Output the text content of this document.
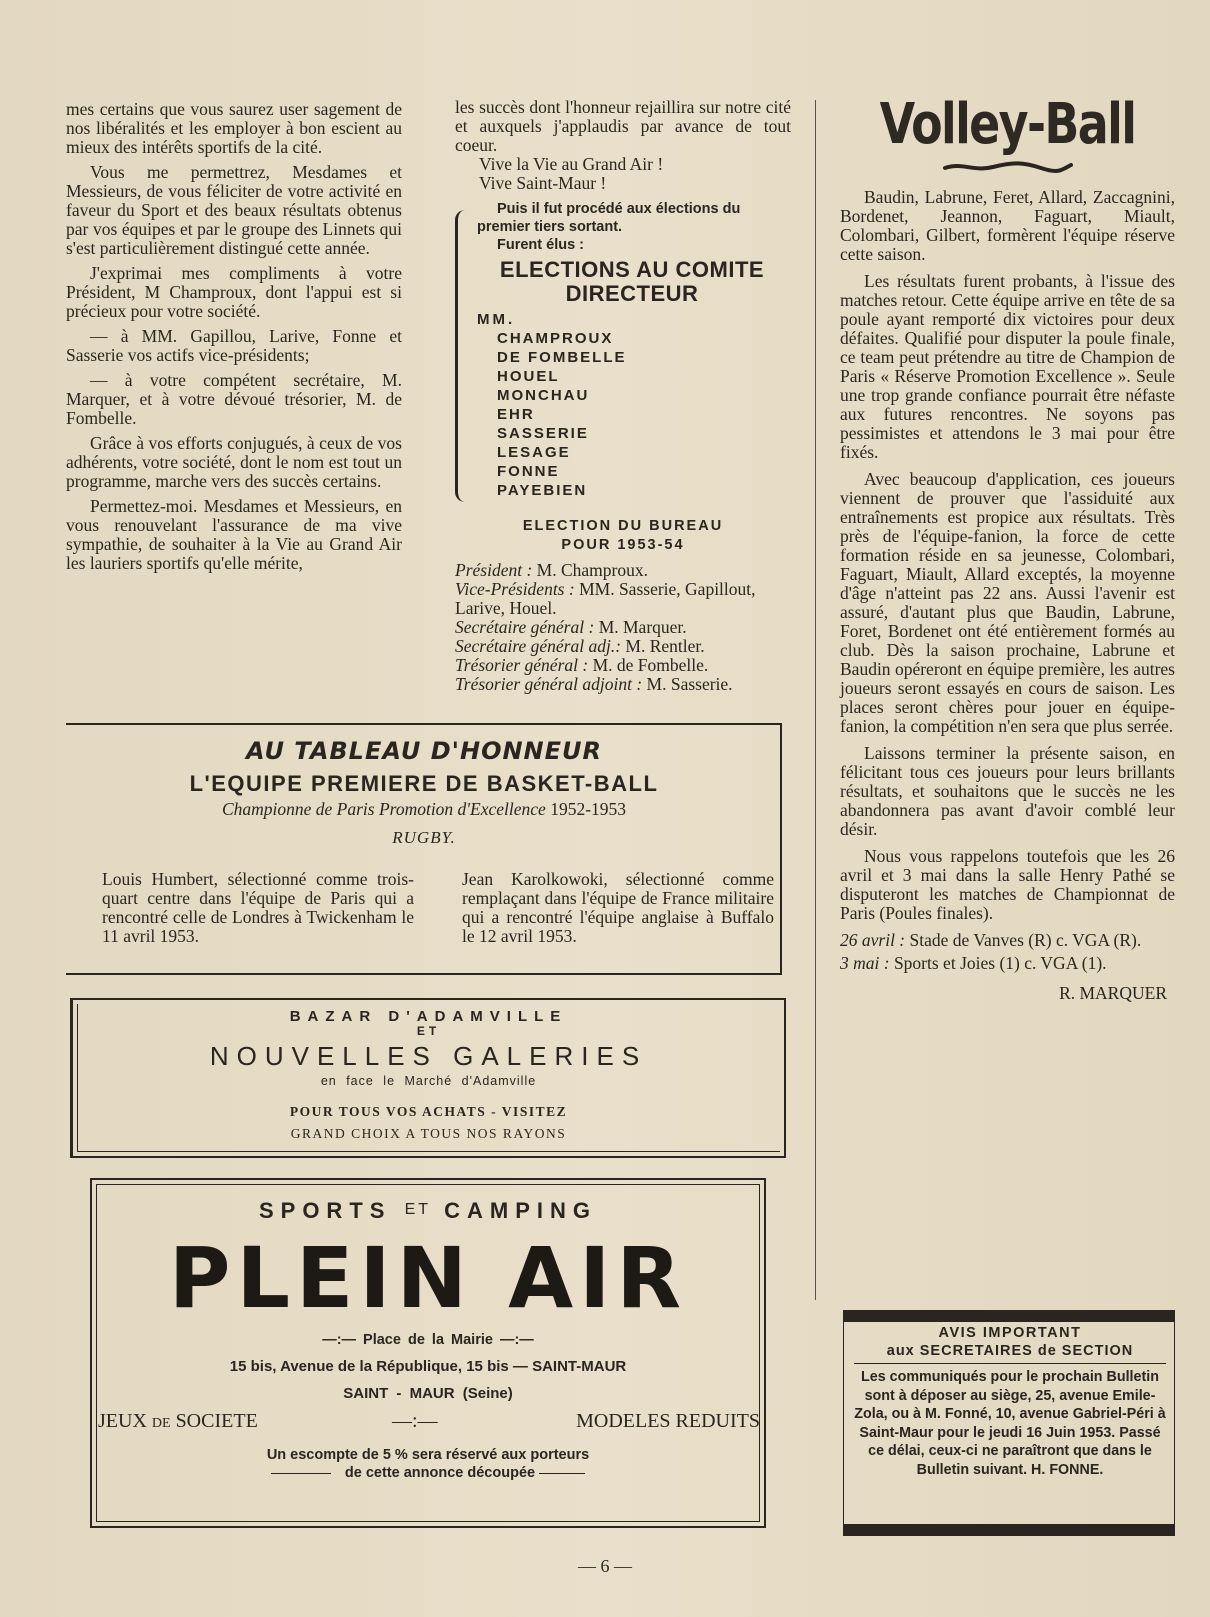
mes certains que vous saurez user sagement de nos libéralités et les employer à bon escient au mieux des intérêts sportifs de la cité.

Vous me permettrez, Mesdames et Messieurs, de vous féliciter de votre activité en faveur du Sport et des beaux résultats obtenus par vos équipes et par le groupe des Linnets qui s'est particulièrement distingué cette année.

J'exprimai mes compliments à votre Président, M Champroux, dont l'appui est si précieux pour votre société.

— à MM. Gapillou, Larive, Fonne et Sasserie vos actifs vice-présidents;

— à votre compétent secrétaire, M. Marquer, et à votre dévoué trésorier, M. de Fombelle.

Grâce à vos efforts conjugués, à ceux de vos adhérents, votre société, dont le nom est tout un programme, marche vers des succès certains.

Permettez-moi. Mesdames et Messieurs, en vous renouvelant l'assurance de ma vive sympathie, de souhaiter à la Vie au Grand Air les lauriers sportifs qu'elle mérite,

les succès dont l'honneur rejaillira sur notre cité et auxquels j'applaudis par avance de tout coeur.

Vive la Vie au Grand Air !

Vive Saint-Maur !

Puis il fut procédé aux élections du premier tiers sortant.
Furent élus :
ELECTIONS AU COMITE DIRECTEUR
MM.
CHAMPROUX
DE FOMBELLE
HOUEL
MONCHAU
EHR
SASSERIE
LESAGE
FONNE
PAYEBIEN
ELECTION DU BUREAU
POUR 1953-54
Président : M. Champroux.
Vice-Présidents : MM. Sasserie, Gapillout, Larive, Houel.
Secrétaire général : M. Marquer.
Secrétaire général adj.: M. Rentler.
Trésorier général : M. de Fombelle.
Trésorier général adjoint : M. Sasserie.
Volley-Ball

Baudin, Labrune, Feret, Allard, Zaccagnini, Bordenet, Jeannon, Faguart, Miault, Colombari, Gilbert, formèrent l'équipe réserve cette saison.

Les résultats furent probants, à l'issue des matches retour. Cette équipe arrive en tête de sa poule ayant remporté dix victoires pour deux défaites. Qualifié pour disputer la poule finale, ce team peut prétendre au titre de Champion de Paris « Réserve Promotion Excellence ». Seule une trop grande confiance pourrait être néfaste aux futures rencontres. Ne soyons pas pessimistes et attendons le 3 mai pour être fixés.

Avec beaucoup d'application, ces joueurs viennent de prouver que l'assiduité aux entraînements est propice aux résultats. Très près de l'équipe-fanion, la force de cette formation réside en sa jeunesse, Colombari, Faguart, Miault, Allard exceptés, la moyenne d'âge n'atteint pas 22 ans. Aussi l'avenir est assuré, d'autant plus que Baudin, Labrune, Foret, Bordenet ont été entièrement formés au club. Dès la saison prochaine, Labrune et Baudin opéreront en équipe première, les autres joueurs seront essayés en cours de saison. Les places seront chères pour jouer en équipe-fanion, la compétition n'en sera que plus serrée.

Laissons terminer la présente saison, en félicitant tous ces joueurs pour leurs brillants résultats, et souhaitons que le succès ne les abandonnera pas avant d'avoir comblé leur désir.

Nous vous rappelons toutefois que les 26 avril et 3 mai dans la salle Henry Pathé se disputeront les matches de Championnat de Paris (Poules finales).

26 avril : Stade de Vanves (R) c. VGA (R).
3 mai : Sports et Joies (1) c. VGA (1).
R. MARQUER
AU TABLEAU D'HONNEUR
L'EQUIPE PREMIERE DE BASKET-BALL
Championne de Paris Promotion d'Excellence 1952-1953
RUGBY.
Louis Humbert, sélectionné comme trois-quart centre dans l'équipe de Paris qui a rencontré celle de Londres à Twickenham le 11 avril 1953.
Jean Karolkowoki, sélectionné comme remplaçant dans l'équipe de France militaire qui a rencontré l'équipe anglaise à Buffalo le 12 avril 1953.
BAZAR D'ADAMVILLE
ET
NOUVELLES GALERIES
en face le Marché d'Adamville
POUR TOUS VOS ACHATS - VISITEZ
GRAND CHOIX A TOUS NOS RAYONS
SPORTS ET CAMPING
PLEIN AIR
—:— Place de la Mairie —:—
15 bis, Avenue de la République, 15 bis — SAINT-MAUR
SAINT - MAUR (Seine)
JEUX DE SOCIETE	—:—	MODELES REDUITS
Un escompte de 5 % sera réservé aux porteurs
de cette annonce découpée
AVIS IMPORTANT
aux SECRETAIRES de SECTION
Les communiqués pour le prochain Bulletin sont à déposer au siège, 25, avenue Emile-Zola, ou à M. Fonné, 10, avenue Gabriel-Péri à Saint-Maur pour le jeudi 16 Juin 1953. Passé ce délai, ceux-ci ne paraîtront que dans le Bulletin suivant. H. FONNE.
— 6 —
